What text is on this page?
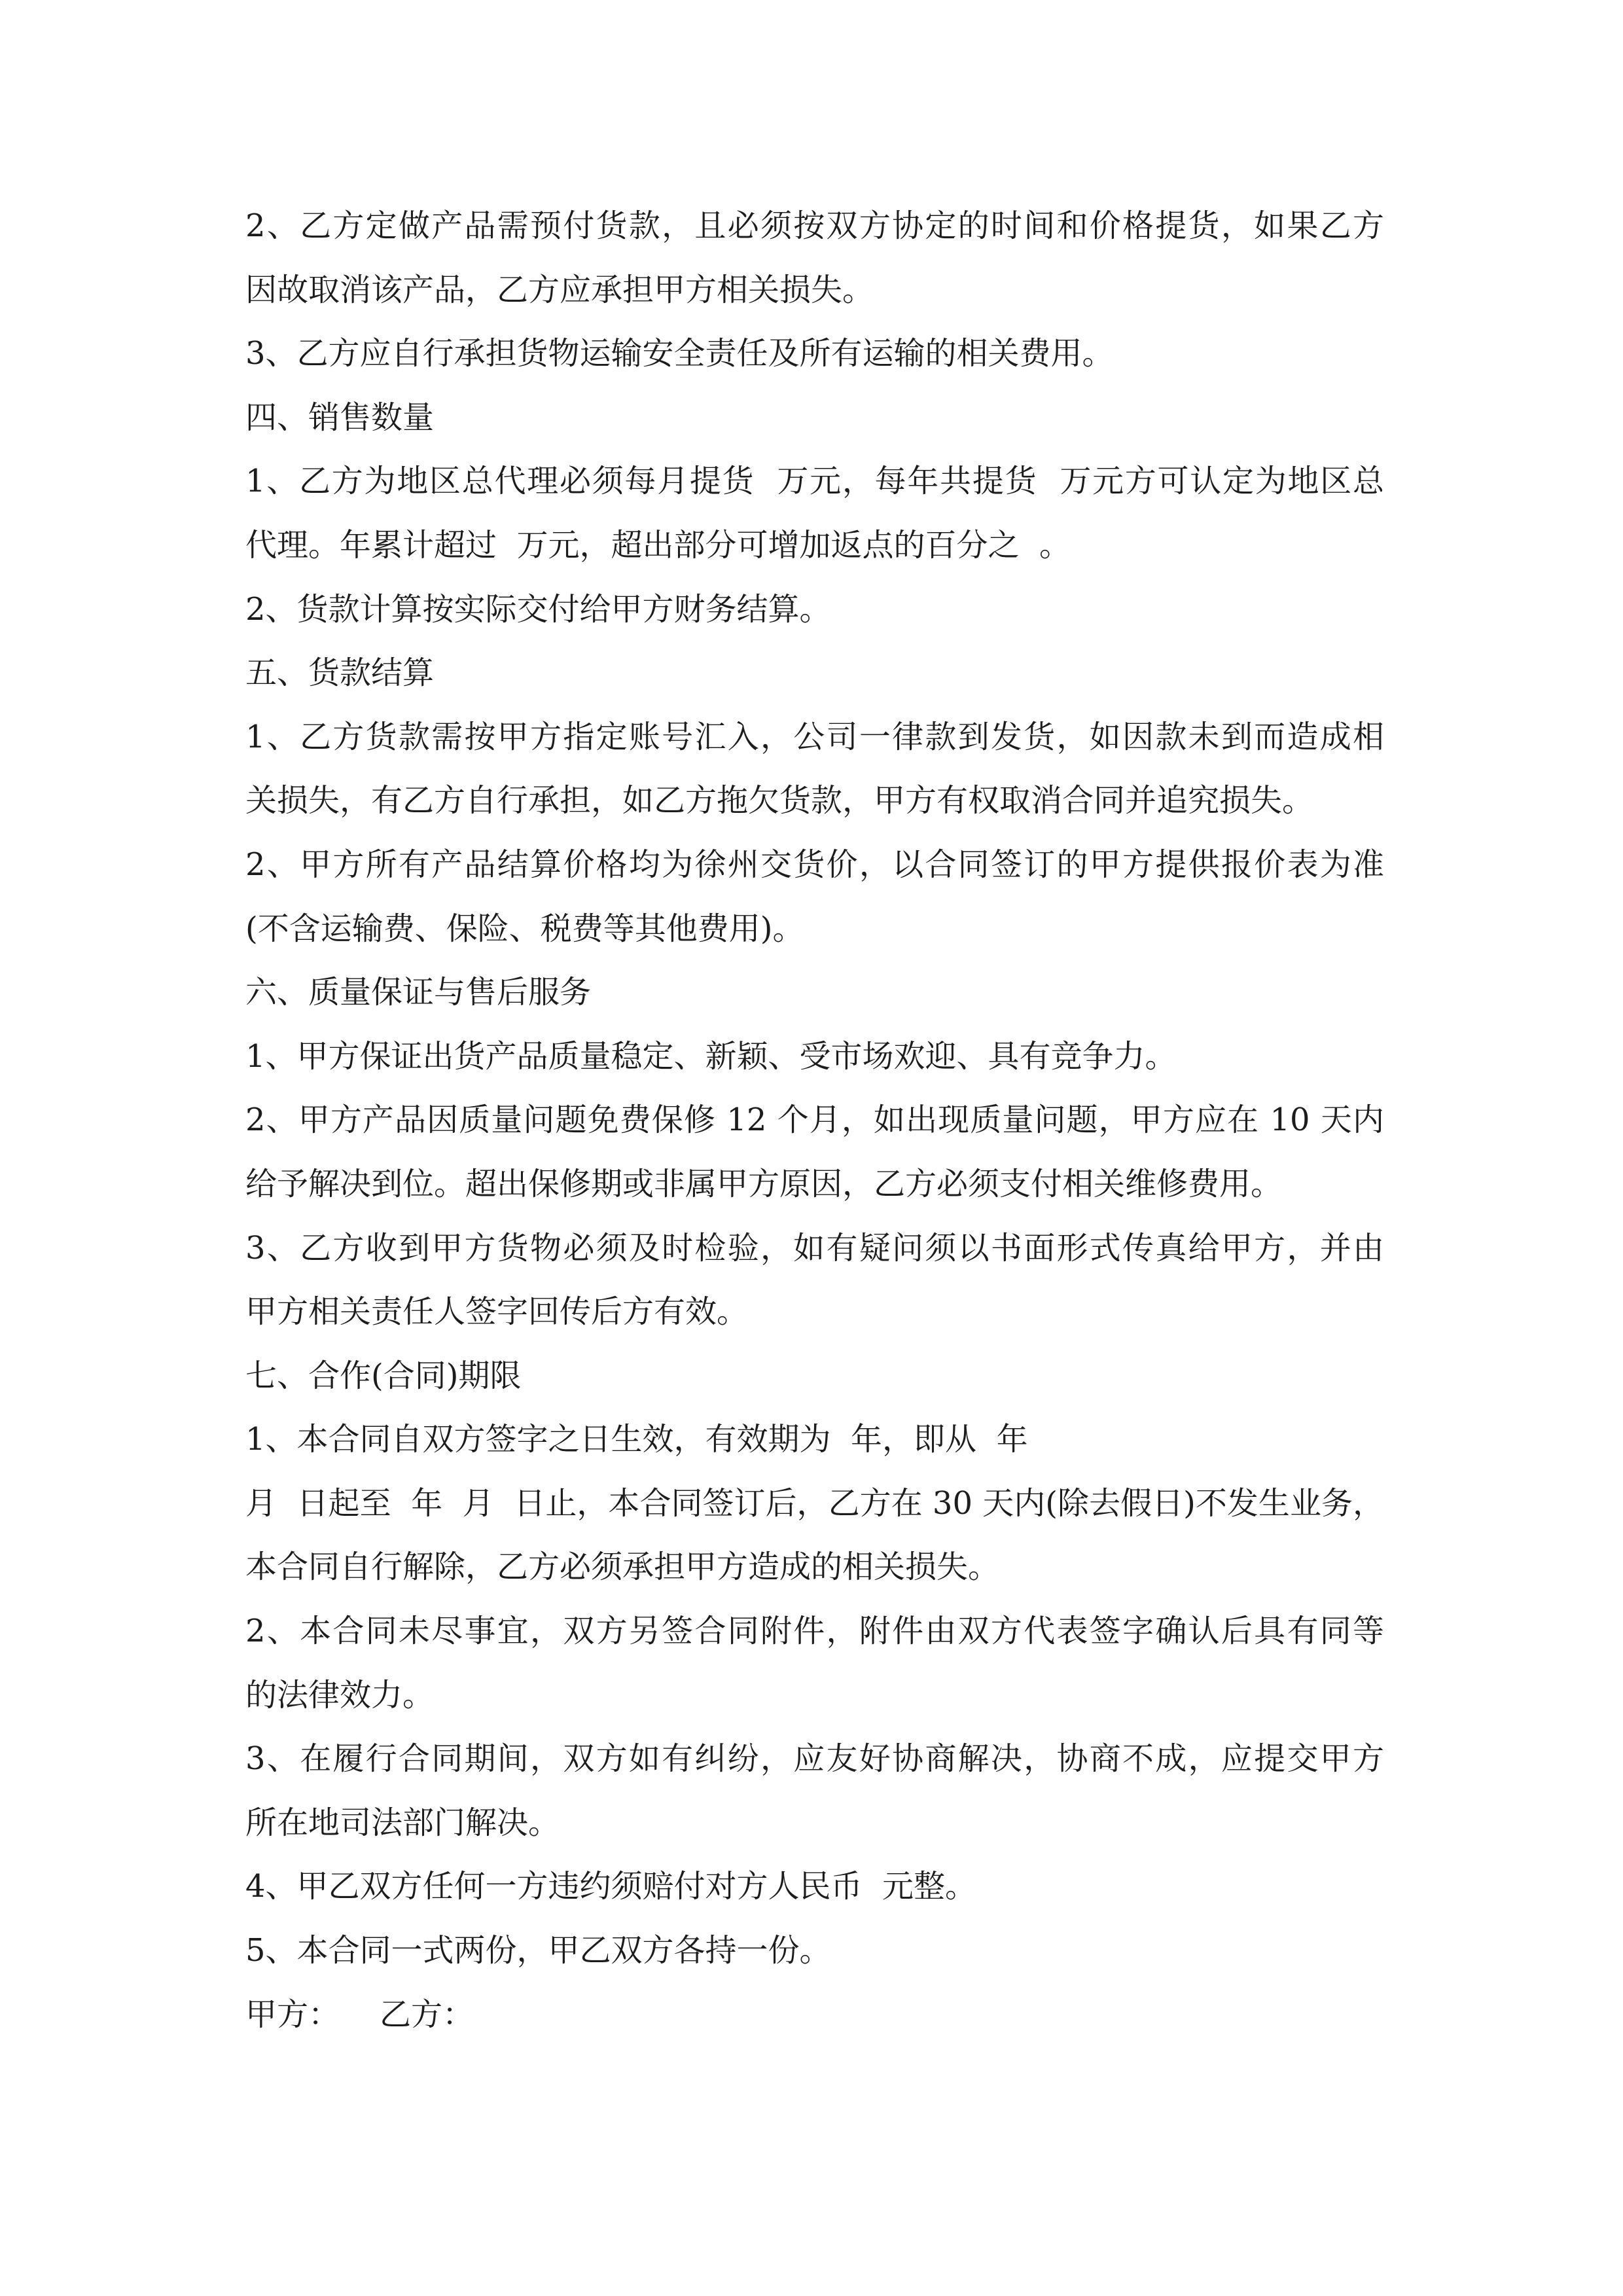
2、乙方定做产品需预付货款，且必须按双方协定的时间和价格提货，如果乙方
因故取消该产品，乙方应承担甲方相关损失。
3、乙方应自行承担货物运输安全责任及所有运输的相关费用。
四、销售数量
1、乙方为地区总代理必须每月提货  万元，每年共提货  万元方可认定为地区总
代理。年累计超过  万元，超出部分可增加返点的百分之  。
2、货款计算按实际交付给甲方财务结算。
五、货款结算
1、乙方货款需按甲方指定账号汇入，公司一律款到发货，如因款未到而造成相
关损失，有乙方自行承担，如乙方拖欠货款，甲方有权取消合同并追究损失。
2、甲方所有产品结算价格均为徐州交货价，以合同签订的甲方提供报价表为准
(不含运输费、保险、税费等其他费用)。
六、质量保证与售后服务
1、甲方保证出货产品质量稳定、新颖、受市场欢迎、具有竞争力。
2、甲方产品因质量问题免费保修 12 个月，如出现质量问题，甲方应在 10 天内
给予解决到位。超出保修期或非属甲方原因，乙方必须支付相关维修费用。
3、乙方收到甲方货物必须及时检验，如有疑问须以书面形式传真给甲方，并由
甲方相关责任人签字回传后方有效。
七、合作(合同)期限
1、本合同自双方签字之日生效，有效期为  年，即从  年
月  日起至  年  月  日止，本合同签订后，乙方在 30 天内(除去假日)不发生业务，
本合同自行解除，乙方必须承担甲方造成的相关损失。
2、本合同未尽事宜，双方另签合同附件，附件由双方代表签字确认后具有同等
的法律效力。
3、在履行合同期间，双方如有纠纷，应友好协商解决，协商不成，应提交甲方
所在地司法部门解决。
4、甲乙双方任何一方违约须赔付对方人民币  元整。
5、本合同一式两份，甲乙双方各持一份。
甲方：    乙方：
